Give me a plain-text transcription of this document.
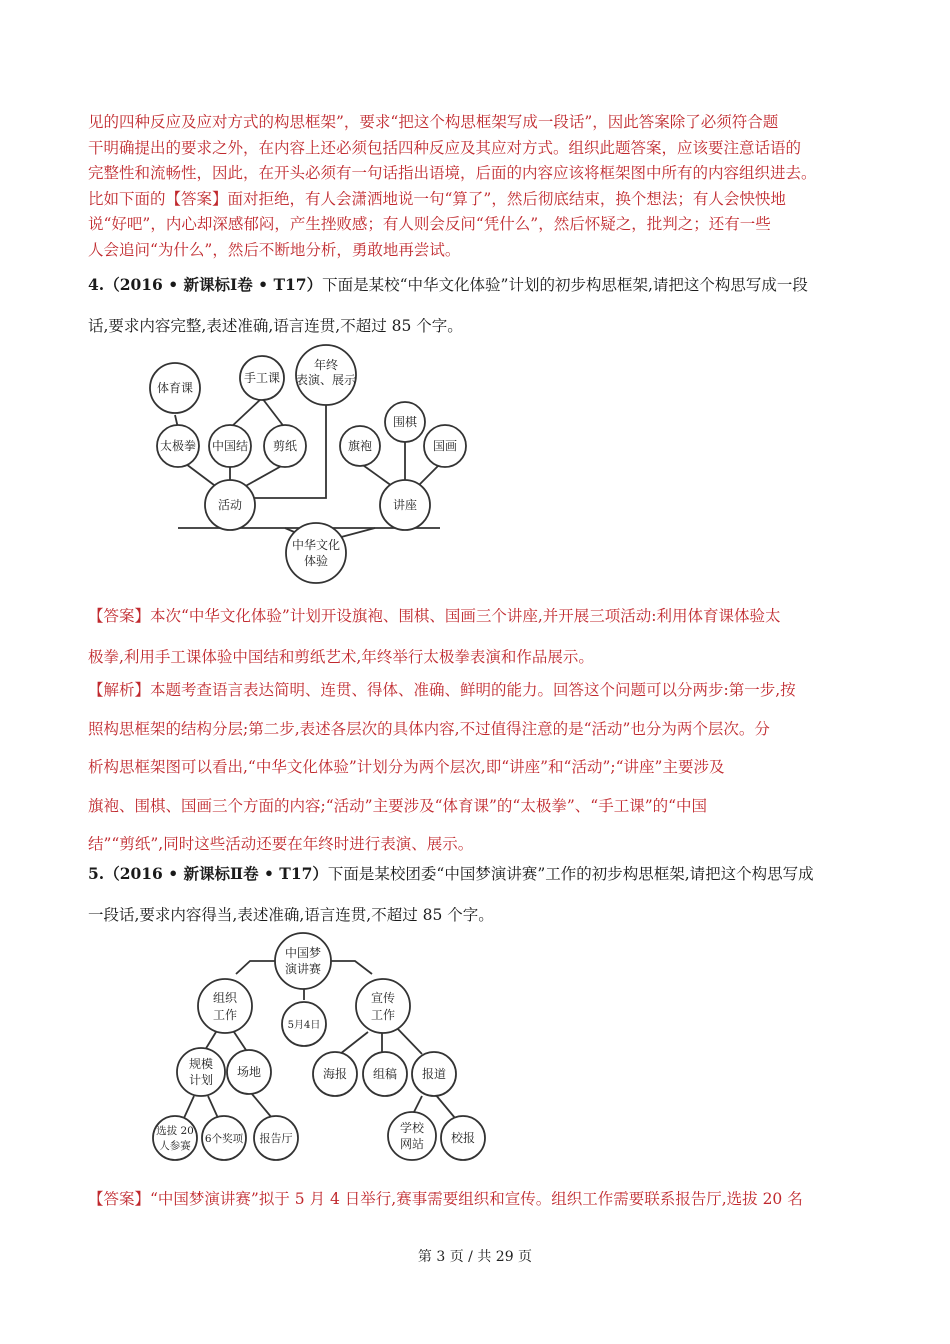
见的四种反应及应对方式的构思框架”，要求“把这个构思框架写成一段话”，因此答案除了必须符合题
干明确提出的要求之外，在内容上还必须包括四种反应及其应对方式。组织此题答案，应该要注意话语的
完整性和流畅性，因此，在开头必须有一句话指出语境，后面的内容应该将框架图中所有的内容组织进去。
比如下面的【答案】面对拒绝，有人会潇洒地说一句“算了”，然后彻底结束，换个想法；有人会怏怏地
说“好吧”，内心却深感郁闷，产生挫败感；有人则会反问“凭什么”，然后怀疑之，批判之；还有一些
人会追问“为什么”，然后不断地分析，勇敢地再尝试。
4.（2016 • 新课标Ⅰ卷 • T17）下面是某校“中华文化体验”计划的初步构思框架,请把这个构思写成一段
话,要求内容完整,表述准确,语言连贯,不超过 85 个字。
体育课
手工课
年终
表演、展示
太极拳 中国结 剪纸	旗袍
围棋
国画
活动	讲座
中华文化
体验
【答案】本次“中华文化体验”计划开设旗袍、围棋、国画三个讲座,并开展三项活动:利用体育课体验太
极拳,利用手工课体验中国结和剪纸艺术,年终举行太极拳表演和作品展示。
【解析】本题考查语言表达简明、连贯、得体、准确、鲜明的能力。回答这个问题可以分两步:第一步,按
照构思框架的结构分层;第二步,表述各层次的具体内容,不过值得注意的是“活动”也分为两个层次。分
析构思框架图可以看出,“中华文化体验”计划分为两个层次,即“讲座”和“活动”;“讲座”主要涉及
旗袍、围棋、国画三个方面的内容;“活动”主要涉及“体育课”的“太极拳”、“手工课”的“中国
结”“剪纸”,同时这些活动还要在年终时进行表演、展示。
5.（2016 • 新课标Ⅱ卷 • T17）下面是某校团委“中国梦演讲赛”工作的初步构思框架,请把这个构思写成
一段话,要求内容得当,表述准确,语言连贯,不超过 85 个字。
中国梦
演讲赛
组织
工作
5月4日
宣传
工作
规模
计划
场地	海报 组稿 报道
选拔 20
人参赛
6个奖项 报告厅
学校
网站 校报
【答案】“中国梦演讲赛”拟于 5 月 4 日举行,赛事需要组织和宣传。组织工作需要联系报告厅,选拔 20 名
第 3 页 / 共 29 页
